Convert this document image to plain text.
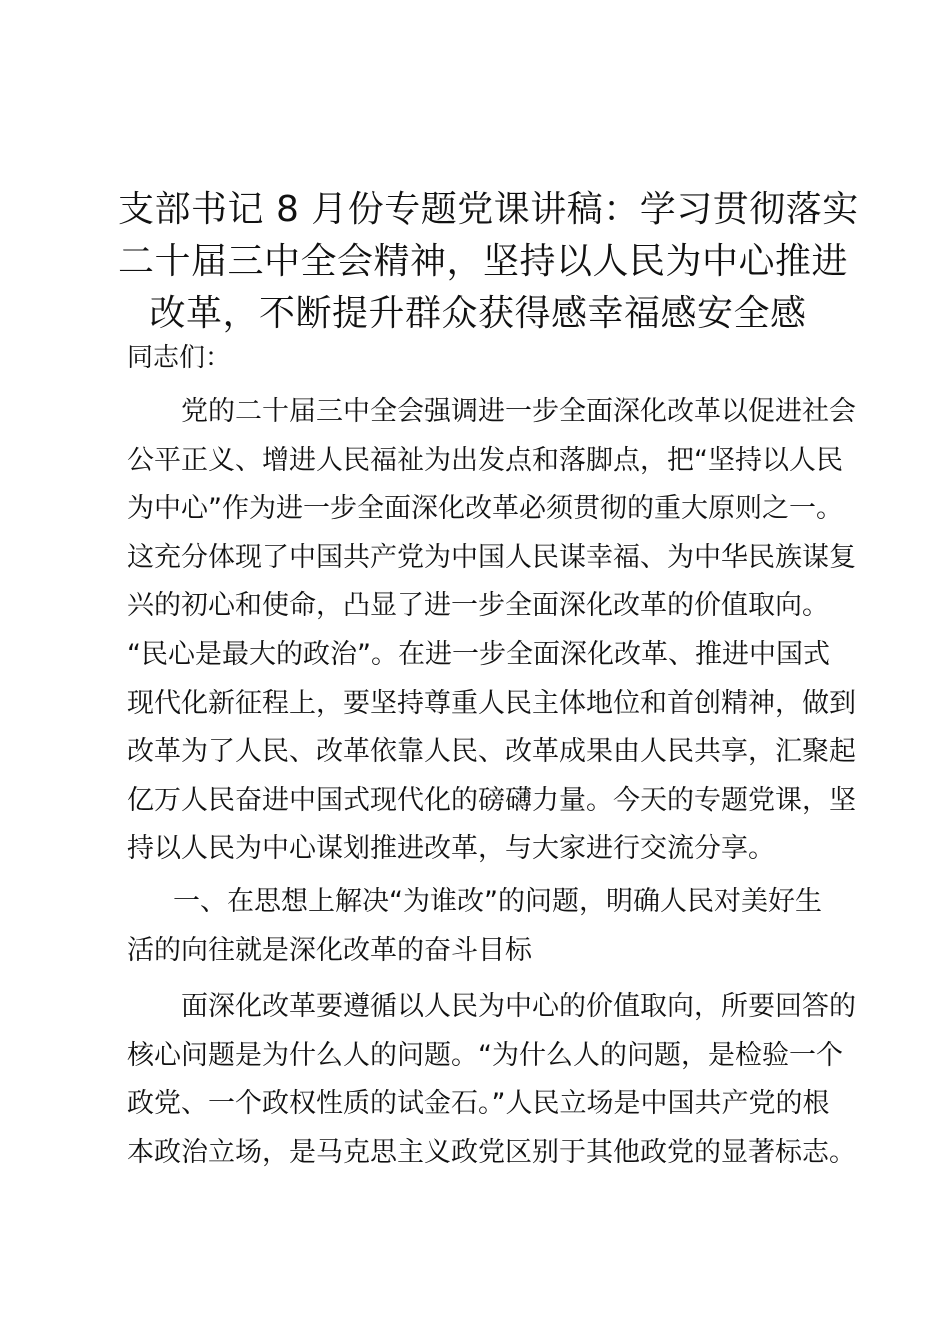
支部书记 8 月份专题党课讲稿：学习贯彻落实
二十届三中全会精神，坚持以人民为中心推进
改革，不断提升群众获得感幸福感安全感

同志们：

党的二十届三中全会强调进一步全面深化改革以促进社会
公平正义、增进人民福祉为出发点和落脚点，把“坚持以人民
为中心”作为进一步全面深化改革必须贯彻的重大原则之一。
这充分体现了中国共产党为中国人民谋幸福、为中华民族谋复
兴的初心和使命，凸显了进一步全面深化改革的价值取向。
“民心是最大的政治”。在进一步全面深化改革、推进中国式
现代化新征程上，要坚持尊重人民主体地位和首创精神，做到
改革为了人民、改革依靠人民、改革成果由人民共享，汇聚起
亿万人民奋进中国式现代化的磅礴力量。今天的专题党课，坚
持以人民为中心谋划推进改革，与大家进行交流分享。

一、在思想上解决“为谁改”的问题，明确人民对美好生
活的向往就是深化改革的奋斗目标

面深化改革要遵循以人民为中心的价值取向，所要回答的
核心问题是为什么人的问题。“为什么人的问题，是检验一个
政党、一个政权性质的试金石。”人民立场是中国共产党的根
本政治立场，是马克思主义政党区别于其他政党的显著标志。
